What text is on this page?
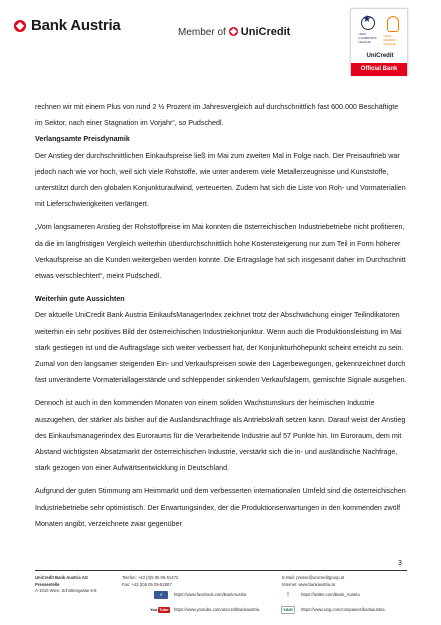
Bank Austria	Member of UniCredit
★	UEFA CHAMPIONS LEAGUE
UEFA EUROPA LEAGUE
UniCredit
Official Bank

rechnen wir mit einem Plus von rund 2 ½ Prozent im Jahresvergleich auf durchschnittlich fast 600.000 Beschäftigte im Sektor, nach einer Stagnation im Vorjahr“, so Pudschedl.

Verlangsamte Preisdynamik

Der Anstieg der durchschnittlichen Einkaufspreise ließ im Mai zum zweiten Mal in Folge nach. Der Preisauftrieb war jedoch nach wie vor hoch, weil sich viele Rohstoffe, wie unter anderem viele Metallerzeugnisse und Kunststoffe, unterstützt durch den globalen Konjunkturaufwind, verteuerten. Zudem hat sich die Liste von Roh- und Vormaterialien mit Lieferschwierigkeiten verlängert.

„Vom langsameren Anstieg der Rohstoffpreise im Mai konnten die österreichischen Industriebetriebe nicht profitieren, da die im langfristigen Vergleich weiterhin überdurchschnittlich hohe Kostensteigerung nur zum Teil in Form höherer Verkaufspreise an die Kunden weitergeben werden konnte. Die Ertragslage hat sich insgesamt daher im Durchschnitt etwas verschlechtert“, meint Pudschedl.

Weiterhin gute Aussichten

Der aktuelle UniCredit Bank Austria EinkaufsManagerIndex zeichnet trotz der Abschwächung einiger Teilindikatoren weiterhin ein sehr positives Bild der österreichischen Industriekonjunktur. Wenn auch die Produktionsleistung im Mai stark gestiegen ist und die Auftragslage sich weiter verbessert hat, der Konjunkturhöhepunkt scheint erreicht zu sein. Zumal von den langsamer steigenden Ein- und Verkaufspreisen sowie den Lagerbewegungen, gekennzeichnet durch fast unveränderte Vormateriallagerstände und schleppender sinkenden Verkaufslagern, gemischte Signale ausgehen.

Dennoch ist auch in den kommenden Monaten von einem soliden Wachstumskurs der heimischen Industrie auszugehen, der stärker als bisher auf die Auslandsnachfrage als Antriebskraft setzen kann. Darauf weist der Anstieg des Einkaufsmanagerindex des Euroraums für die Verarbeitende Industrie auf 57 Punkte hin. Im Euroraum, dem mit Abstand wichtigsten Absatzmarkt der österreichischen Industrie, verstärkt sich die in- und ausländische Nachfrage, stark gezogen von einer Aufwärtsentwicklung in Deutschland.

Aufgrund der guten Stimmung am Heimmarkt und dem verbesserten internationalen Umfeld sind die österreichischen Industriebetriebe sehr optimistisch. Der Erwartungsindex, der die Produktionserwartungen in den kommenden zwölf Monaten angibt, verzeichnete zwar gegenüber

3
UniCredit Bank Austria AG
Pressestelle
A-1010 Wien, Schottengasse 6-8
Telefon: +43 (0)5 05 05-51472
Fax: +43 (0)5 05 05-52807
E-Mail: presse@unicreditgroup.at
Internet: www.bankaustria.at
f	https://www.facebook.com/BankAustria
You Tube https://www.youtube.com/unicreditbankaustria
t	https://twitter.com/Bank_Austria
XING	https://www.xing.com/companies/bankaustria
